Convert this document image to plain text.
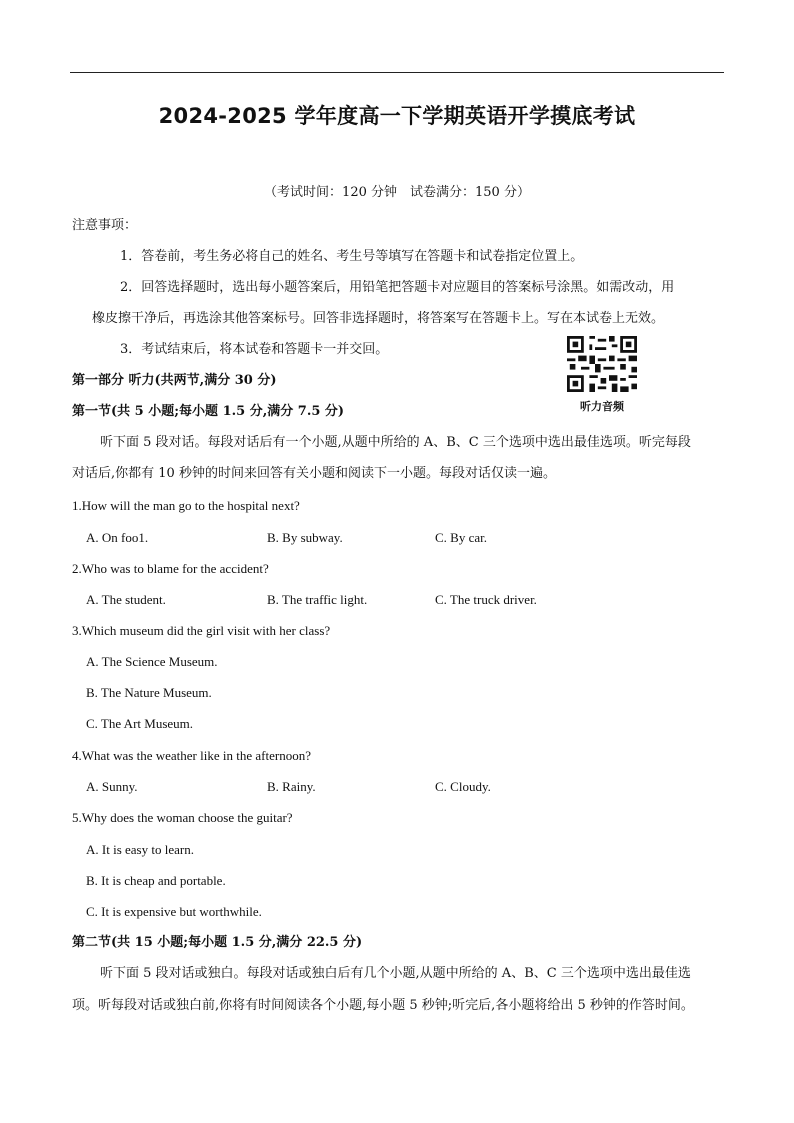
2024-2025 学年度高一下学期英语开学摸底考试
（考试时间：120 分钟　试卷满分：150 分）
注意事项：
1．答卷前，考生务必将自己的姓名、考生号等填写在答题卡和试卷指定位置上。
2．回答选择题时，选出每小题答案后，用铅笔把答题卡对应题目的答案标号涂黑。如需改动，用
橡皮擦干净后，再选涂其他答案标号。回答非选择题时，将答案写在答题卡上。写在本试卷上无效。
3．考试结束后，将本试卷和答题卡一并交回。
听力音频
第一部分 听力(共两节,满分 30 分)
第一节(共 5 小题;每小题 1.5 分,满分 7.5 分)
听下面 5 段对话。每段对话后有一个小题,从题中所给的 A、B、C 三个选项中选出最佳选项。听完每段
对话后,你都有 10 秒钟的时间来回答有关小题和阅读下一小题。每段对话仅读一遍。
1.How will the man go to the hospital next?
A. On foo1.	B. By subway.	C. By car.
2.Who was to blame for the accident?
A. The student.	B. The traffic light.	C. The truck driver.
3.Which museum did the girl visit with her class?
A. The Science Museum.
B. The Nature Museum.
C. The Art Museum.
4.What was the weather like in the afternoon?
A. Sunny.	B. Rainy.	C. Cloudy.
5.Why does the woman choose the guitar?
A. It is easy to learn.
B. It is cheap and portable.
C. It is expensive but worthwhile.
第二节(共 15 小题;每小题 1.5 分,满分 22.5 分)
听下面 5 段对话或独白。每段对话或独白后有几个小题,从题中所给的 A、B、C 三个选项中选出最佳选
项。听每段对话或独白前,你将有时间阅读各个小题,每小题 5 秒钟;听完后,各小题将给出 5 秒钟的作答时间。
